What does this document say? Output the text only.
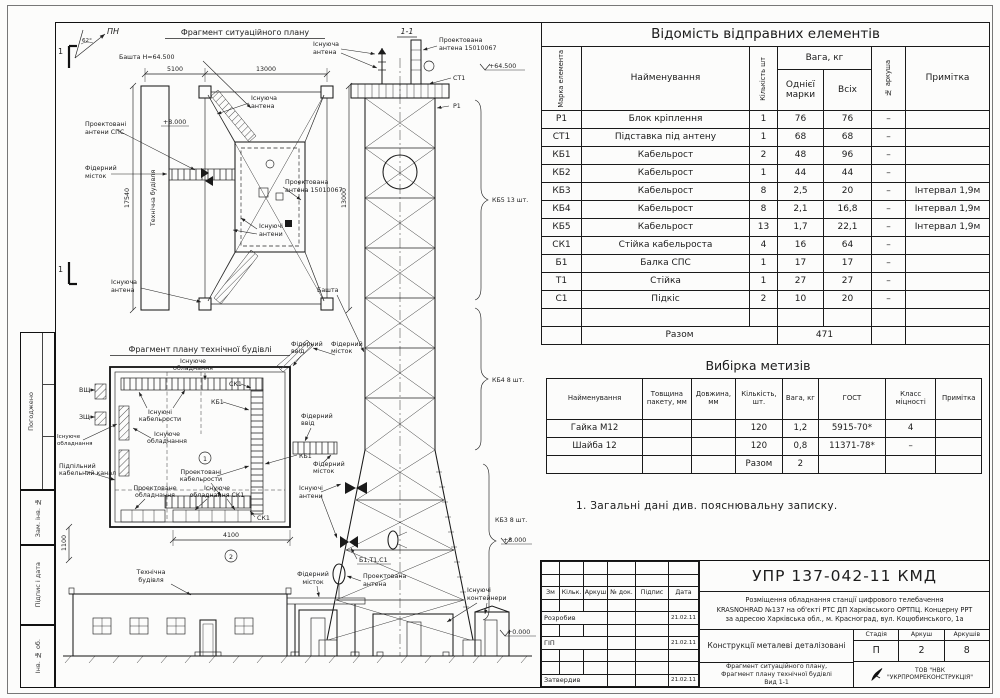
Погоджено
Зам. інв. №
Підпис і дата
Інв. № об.
ПН
62°
1
1
Фрагмент ситуаційного плану
Башта Н=64.500
5100	13000
17540	13000
Технічна будівля
Існуюча
антена
Проектовані
антени СПС
+8.000
Фідерний
місток
Проектована
антена 15010067
Існуючі
антени
Існуюча
антена
Фрагмент плану технічної будівлі
Існуюче
обладнання
ВЩ
ЗЩ
Існуюче
обладнання
Існуючі
кабельрости
КБ1
СК1
Існуюче
обладнання
1
Проектовані
кабельрости
Проектоване
обладнання
Існуюче
обладнання СК1
СК1
Підпільний
кабельний канал
КБ1
Фідерний
ввід
Фідерний
місток
Башта
Фідерний
ввід
Фідерний
місток
2
4100
1100
Технічна
будівля
Фідерний
місток
1-1
Існуюча
антена
Проектована
антена 15010067
СТ1
Р1
+64.500
КБ5 13 шт.
КБ4 8 шт.
КБ3 8 шт.
+8.000
Існуючі
антени
Б1,Т1,С1
Проектована
антена
Існуючі
контейнери
+0.000
Відомість відправних елементів						

Марка елемента	Найменування	Кількість шт	Вага, кг		№ аркуша	Примітка
			Однієї марки	Всіх		
Р1	Блок кріплення	1	76	76	–	
СТ1	Підставка під антену	1	68	68	–	
КБ1	Кабельрост	2	48	96	–	
КБ2	Кабельрост	1	44	44	–	
КБ3	Кабельрост	8	2,5	20	–	Інтервал 1,9м
КБ4	Кабельрост	8	2,1	16,8	–	Інтервал 1,9м
КБ5	Кабельрост	13	1,7	22,1	–	Інтервал 1,9м
СК1	Стійка кабельроста	4	16	64	–	
Б1	Балка СПС	1	17	17	–	
Т1	Стійка	1	27	27	–	
С1	Підкіс	2	10	20	–	

	Разом		471			
Вибірка метизів
Найменування	Товщина пакету, мм	Довжина, мм	Кількість, шт.	Вага, кг	ГОСТ	Класс міцності	Примітка
Гайка М12			120	1,2	5915-70*	4	
Шайба 12			120	0,8	11371-78*	–	
			Разом	2			
1. Загальні дані див. пояснювальну записку.

Зм	Кільк.	Аркуш	№ док.	Підпис	Дата

Розробив					21.02.11

ГІП					21.02.11

Затвердив					21.02.11
УПР 137-042-11 КМД
Розміщення обладнання станції цифрового телебачення
KRASNOHRAD №137 на об'єкті РТС ДП Харківського ОРТПЦ. Концерну РРТ
за адресою Харківська обл., м. Красноград, вул. Коцюбинського, 1а
Конструкції металеві деталізовані
Фрагмент ситуаційного плану,
Фрагмент плану технічної будівлі
Вид 1-1
Стадія	Аркуш	Аркушів
П	2	8
ТОВ "НВК
"УКРПРОМРЕКОНСТРУКЦІЯ"
